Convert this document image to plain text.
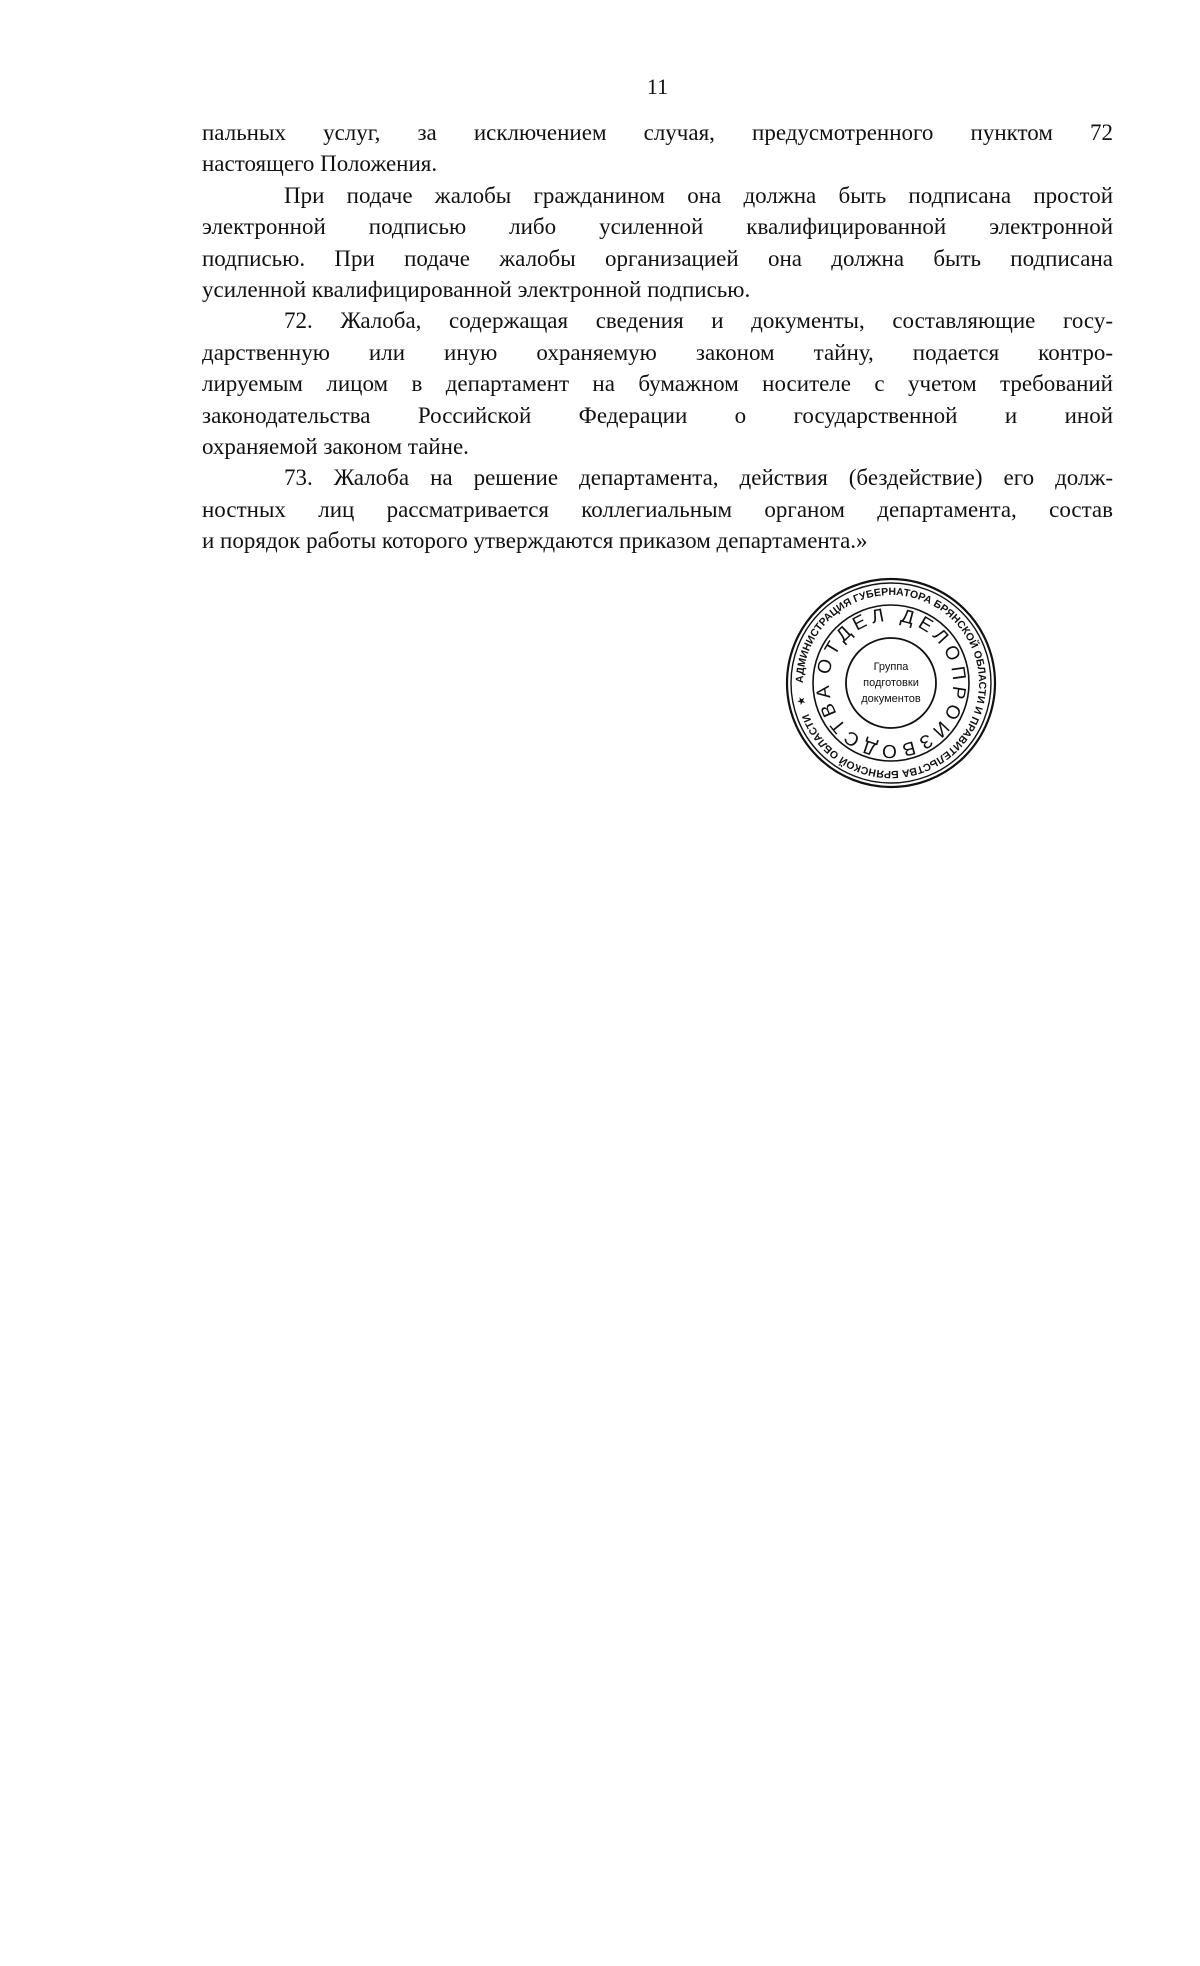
11
пальных услуг, за исключением случая, предусмотренного пунктом 72
настоящего Положения.
При подаче жалобы гражданином она должна быть подписана простой
электронной подписью либо усиленной квалифицированной электронной
подписью. При подаче жалобы организацией она должна быть подписана
усиленной квалифицированной электронной подписью.
72. Жалоба, содержащая сведения и документы, составляющие госу-
дарственную или иную охраняемую законом тайну, подается контро-
лируемым лицом в департамент на бумажном носителе с учетом требований
законодательства Российской Федерации о государственной и иной
охраняемой законом тайне.
73. Жалоба на решение департамента, действия (бездействие) его долж-
ностных лиц рассматривается коллегиальным органом департамента, состав
и порядок работы которого утверждаются приказом департамента.»
АДМИНИСТРАЦИЯ ГУБЕРНАТОРА БРЯНСКОЙ ОБЛАСТИ И ПРАВИТЕЛЬСТВА БРЯНСКОЙ ОБЛАСТИ ★
ОТДЕЛ ДЕЛОПРОИЗВОДСТВА
Группа
подготовки
документов
